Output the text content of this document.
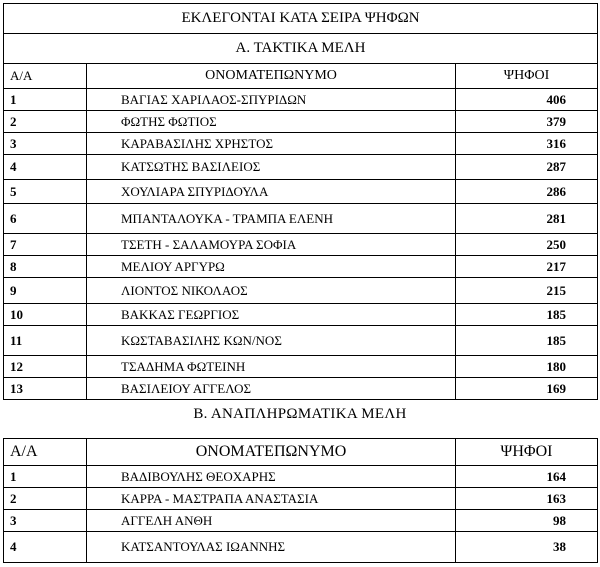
ΕΚΛΕΓΟΝΤΑΙ ΚΑΤΑ ΣΕΙΡΑ ΨΗΦΩΝ		
Α. ΤΑΚΤΙΚΑ ΜΕΛΗ		
Α/Α	ΟΝΟΜΑΤΕΠΩΝΥΜΟ	ΨΗΦΟΙ
1	ΒΑΓΙΑΣ ΧΑΡΙΛΑΟΣ-ΣΠΥΡΙΔΩΝ	406
2	ΦΩΤΗΣ ΦΩΤΙΟΣ	379
3	ΚΑΡΑΒΑΣΙΛΗΣ ΧΡΗΣΤΟΣ	316
4	ΚΑΤΣΩΤΗΣ ΒΑΣΙΛΕΙΟΣ	287
5	ΧΟΥΛΙΑΡΑ ΣΠΥΡΙΔΟΥΛΑ	286
6	ΜΠΑΝΤΑΛΟΥΚΑ - ΤΡΑΜΠΑ ΕΛΕΝΗ	281
7	ΤΣΕΤΗ - ΣΑΛΑΜΟΥΡΑ ΣΟΦΙΑ	250
8	ΜΕΛΙΟΥ ΑΡΓΥΡΩ	217
9	ΛΙΟΝΤΟΣ ΝΙΚΟΛΑΟΣ	215
10	ΒΑΚΚΑΣ ΓΕΩΡΓΙΟΣ	185
11	ΚΩΣΤΑΒΑΣΙΛΗΣ ΚΩΝ/ΝΟΣ	185
12	ΤΣΑΔΗΜΑ ΦΩΤΕΙΝΗ	180
13	ΒΑΣΙΛΕΙΟΥ ΑΓΓΕΛΟΣ	169
Β. ΑΝΑΠΛΗΡΩΜΑΤΙΚΑ ΜΕΛΗ
Α/Α	ΟΝΟΜΑΤΕΠΩΝΥΜΟ	ΨΗΦΟΙ
1	ΒΑΔΙΒΟΥΛΗΣ ΘΕΟΧΑΡΗΣ	164
2	ΚΑΡΡΑ - ΜΑΣΤΡΑΠΑ ΑΝΑΣΤΑΣΙΑ	163
3	ΑΓΓΕΛΗ ΑΝΘΗ	98
4	ΚΑΤΣΑΝΤΟΥΛΑΣ ΙΩΑΝΝΗΣ	38
